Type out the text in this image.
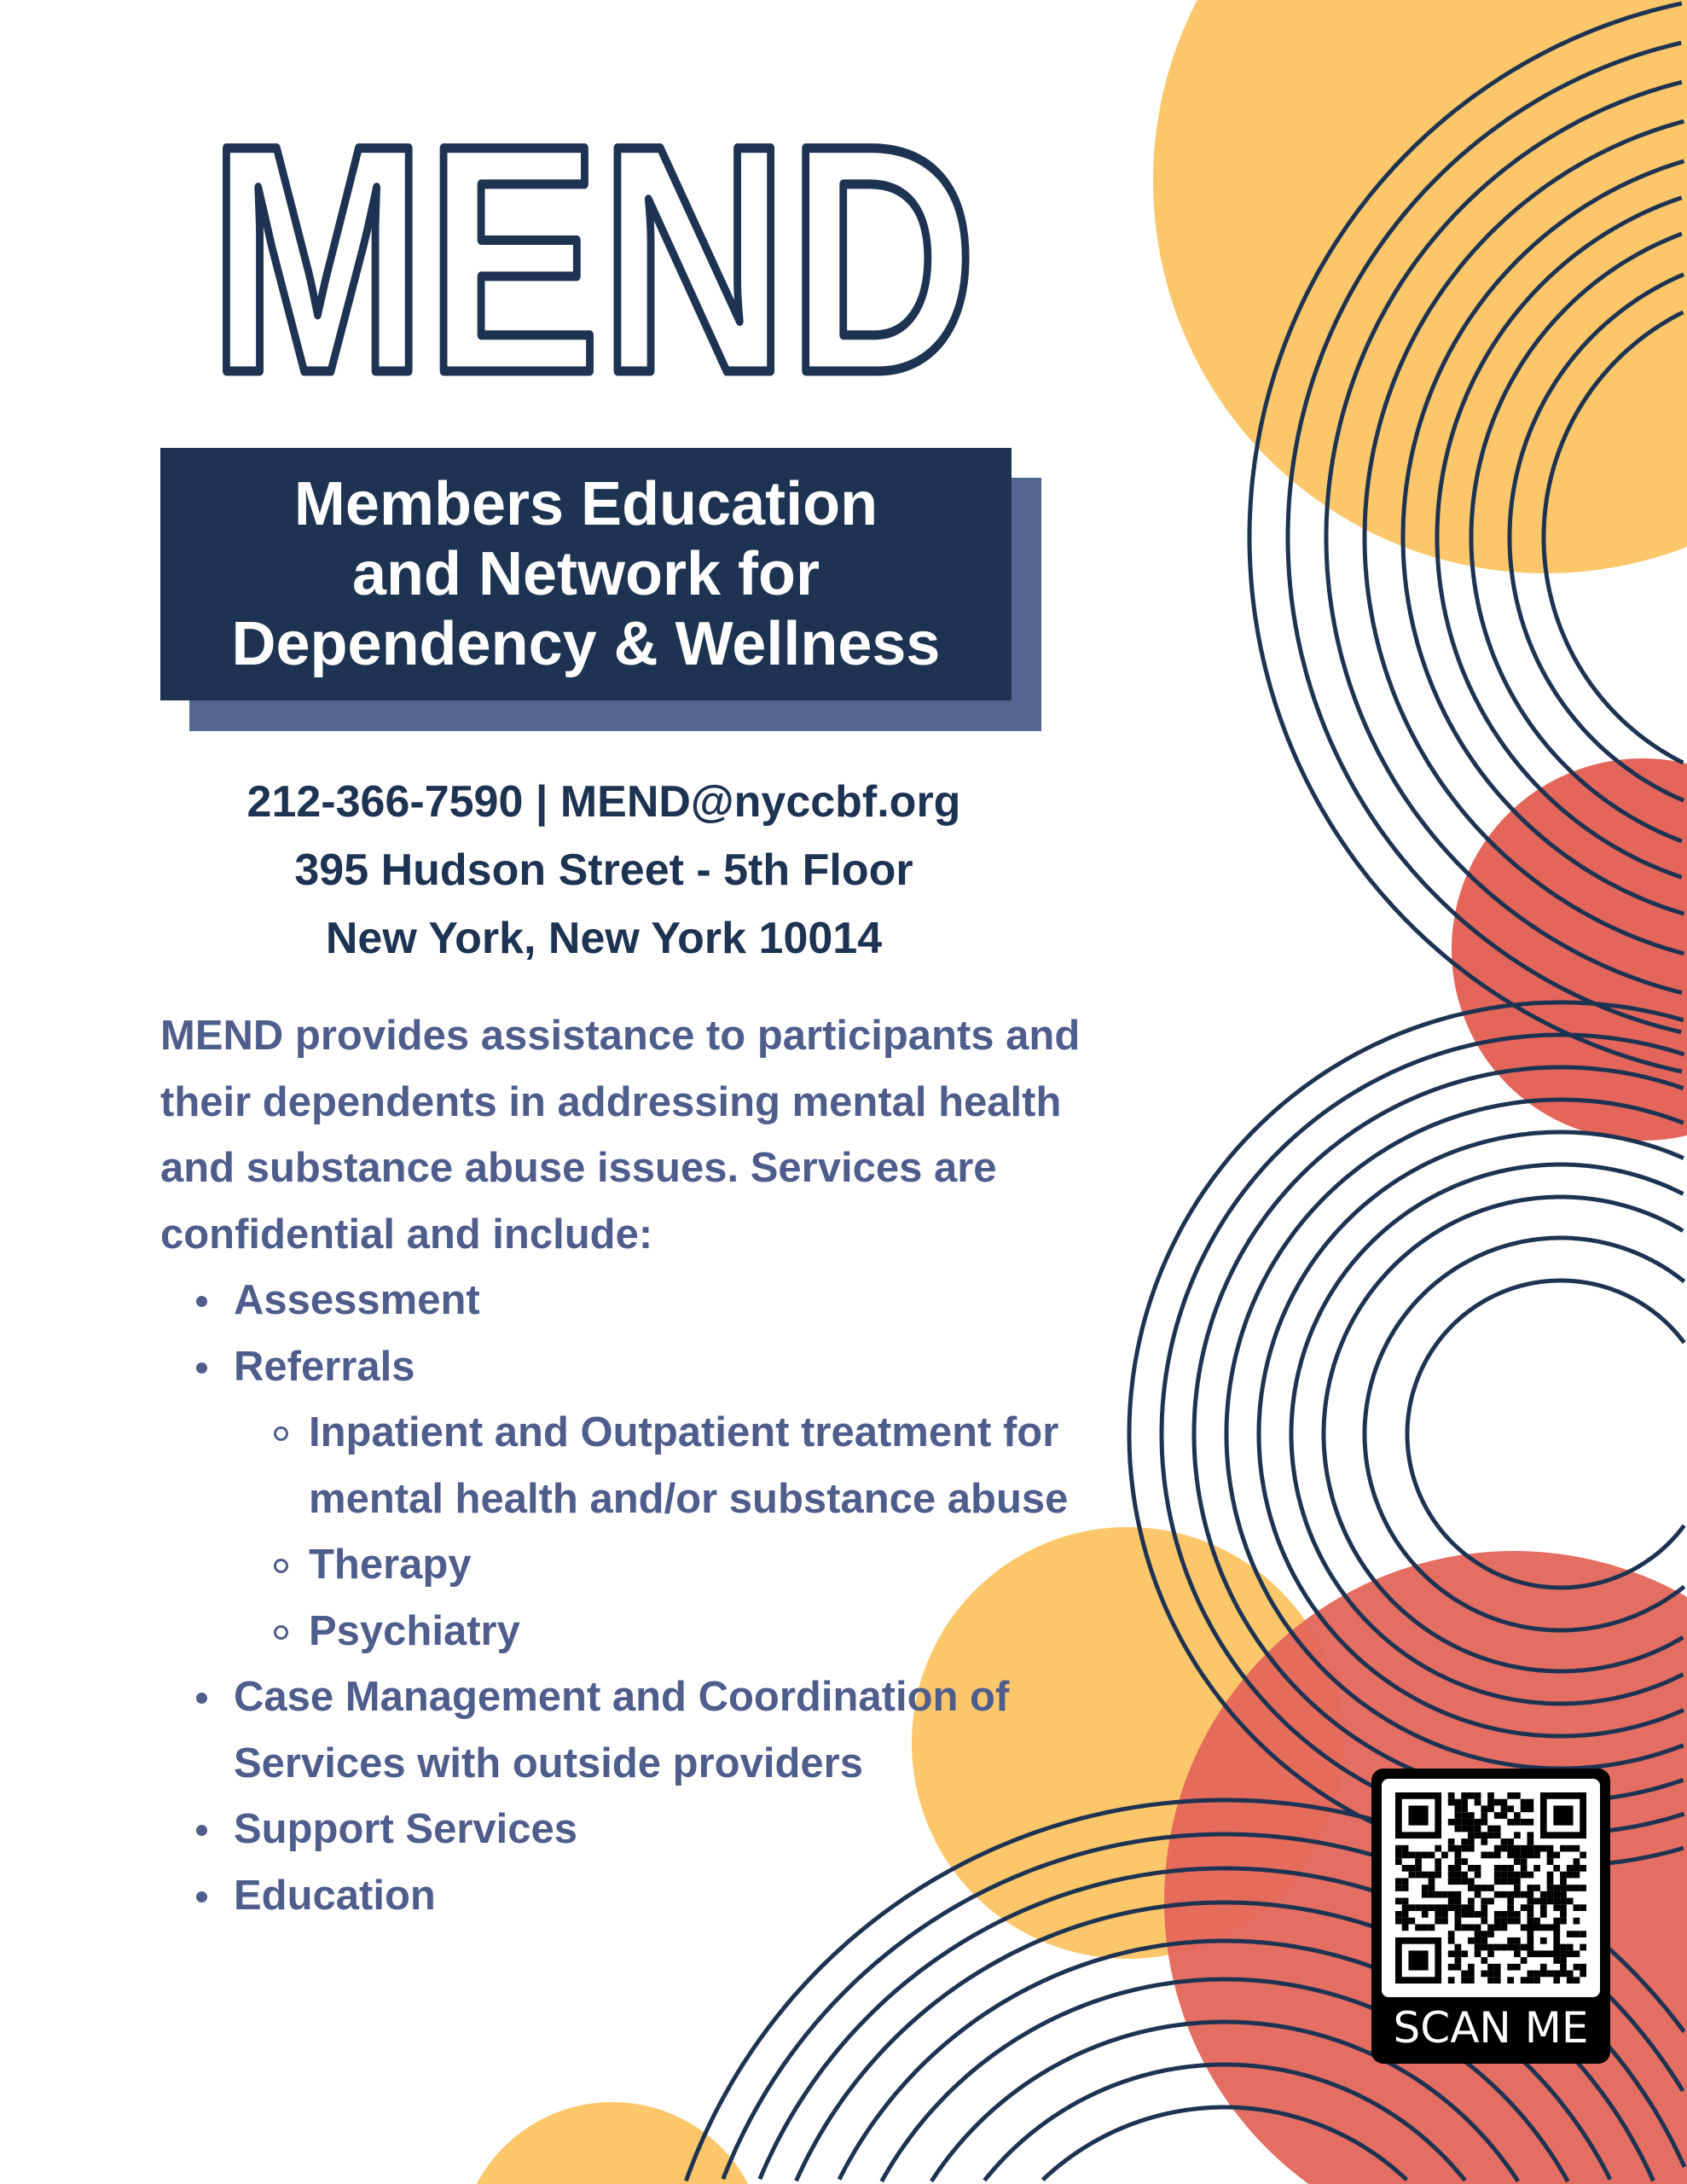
MEND
Members Education
and Network for
Dependency & Wellness
212-366-7590 | MEND@nyccbf.org
395 Hudson Street - 5th Floor
New York, New York 10014
MEND provides assistance to participants and their dependents in addressing mental health and substance abuse issues. Services are confidential and include:
Assessment
Referrals
Inpatient and Outpatient treatment for mental health and/or substance abuse
Therapy
Psychiatry
Case Management and Coordination of Services with outside providers
Support Services
Education
SCAN ME
